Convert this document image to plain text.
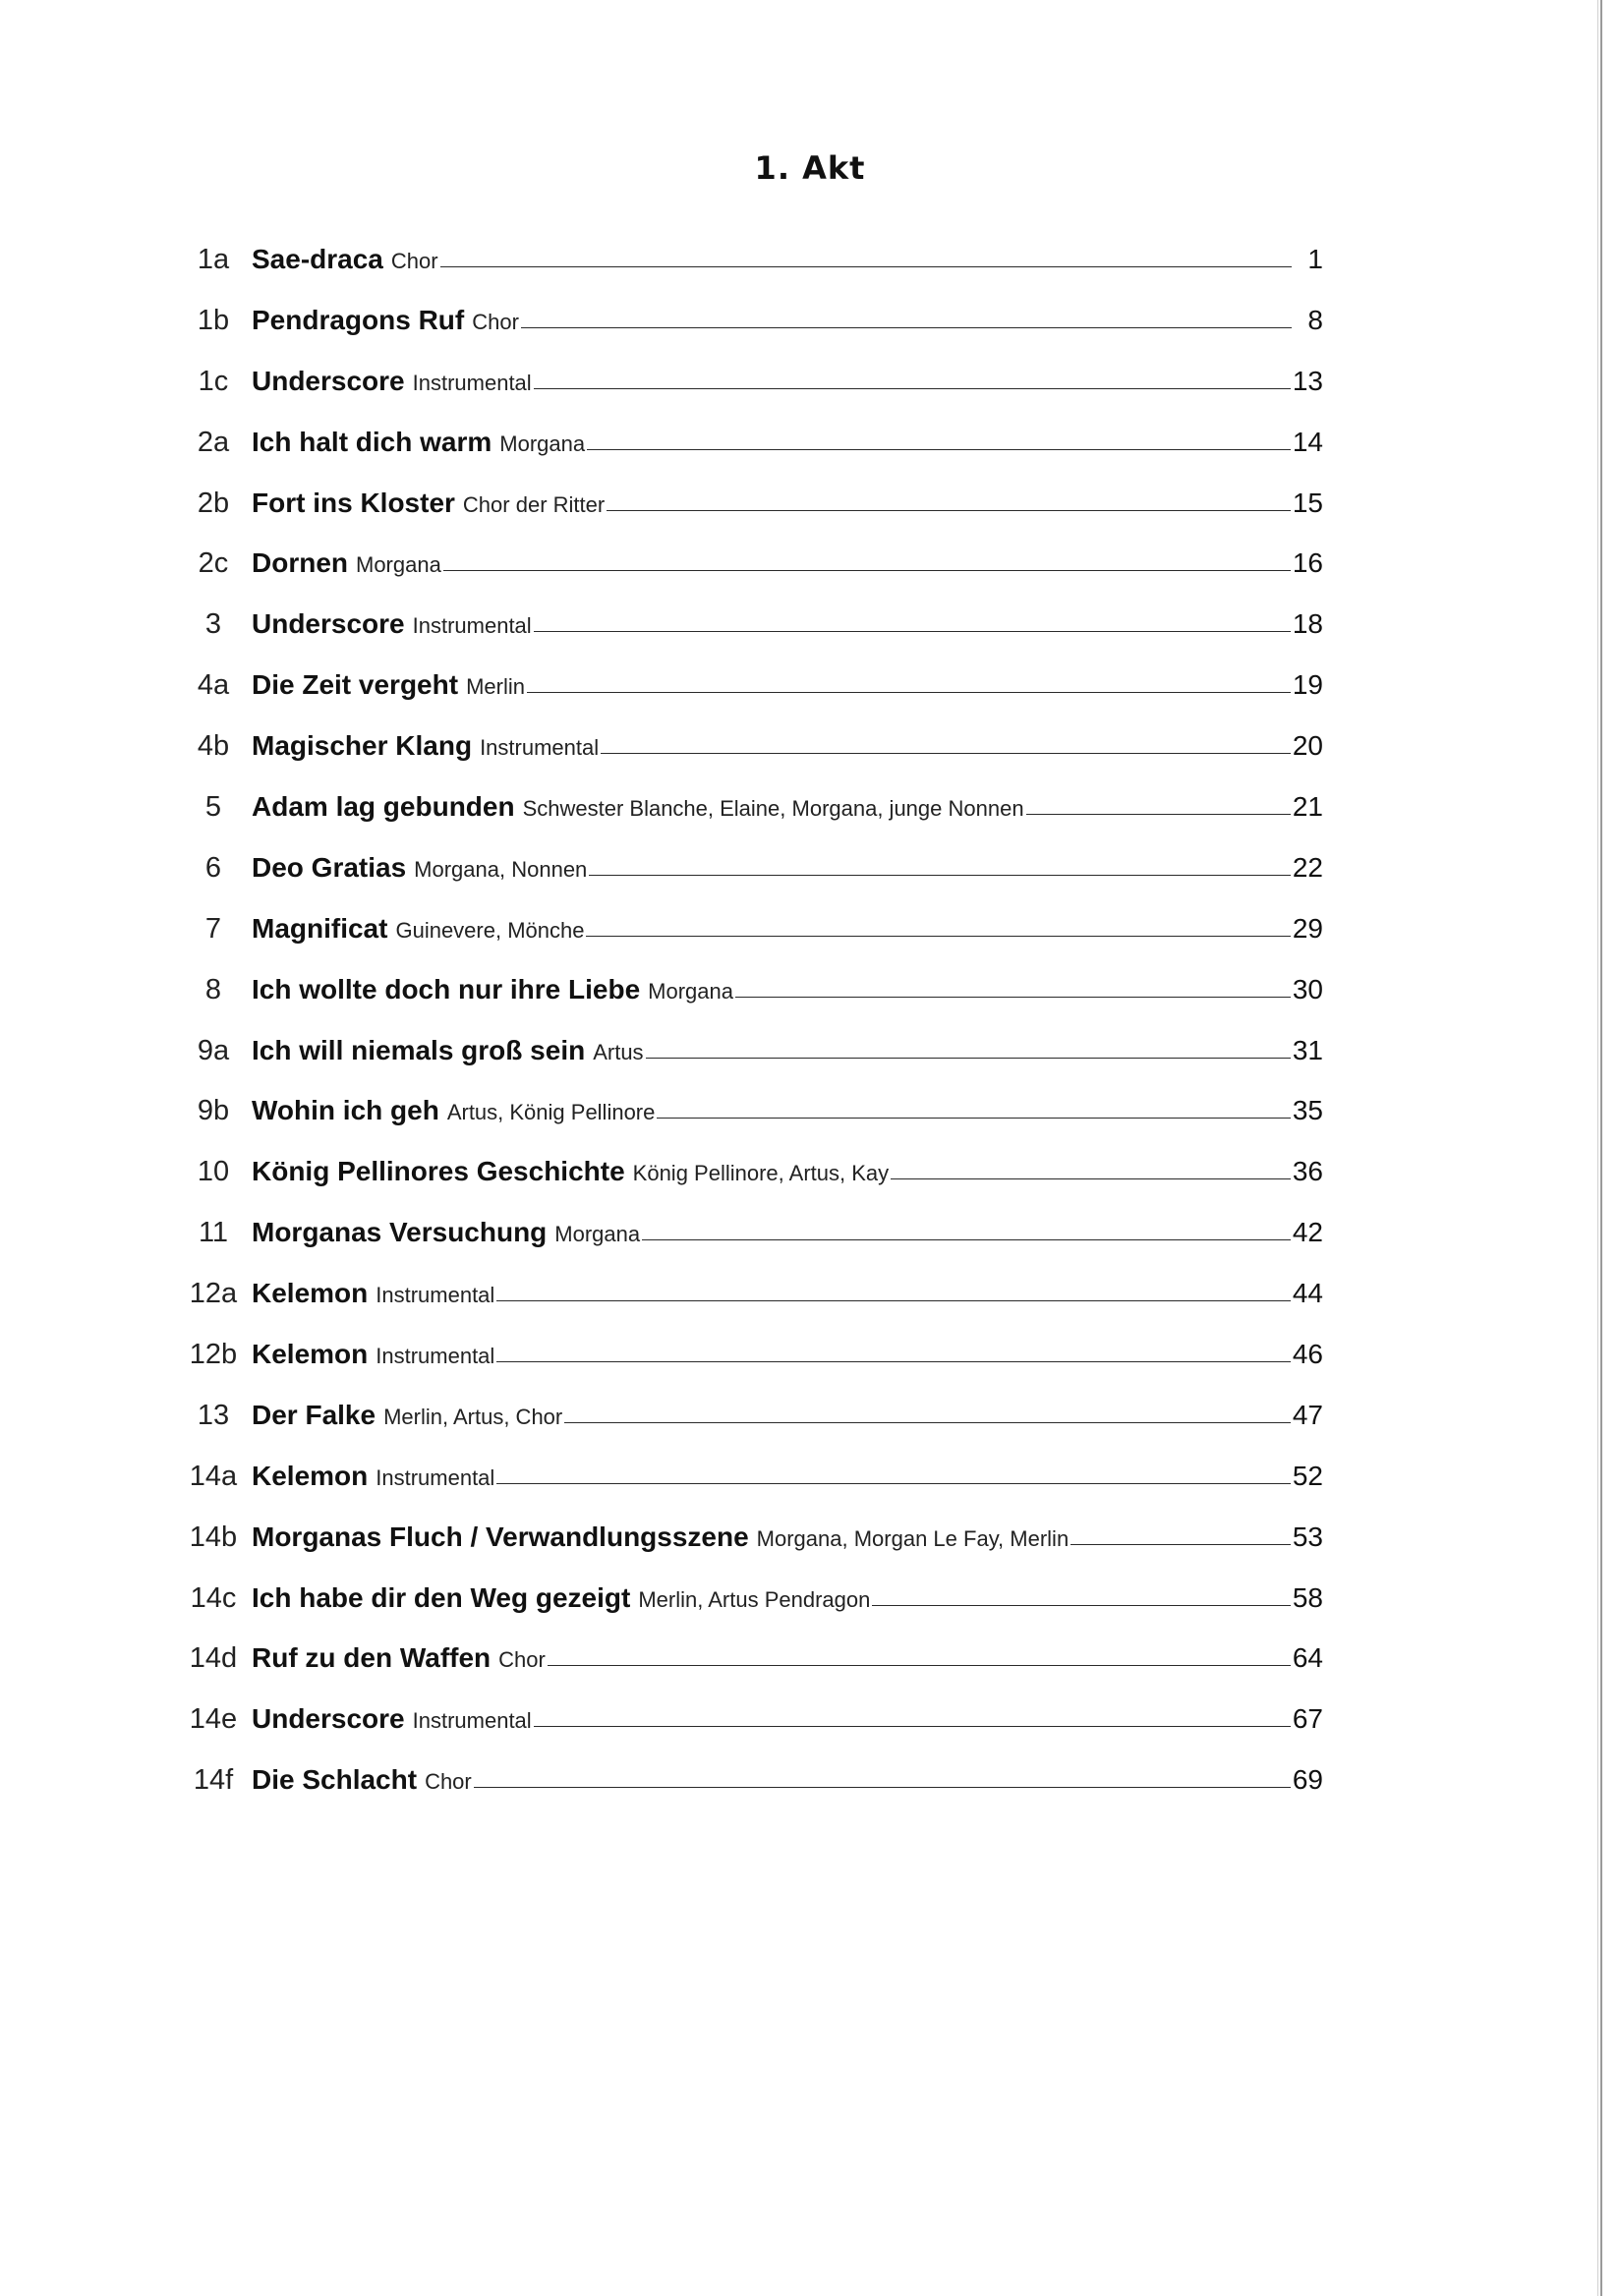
1. Akt
1a Sae-draca Chor	1
1b Pendragons Ruf Chor	8
1c Underscore Instrumental	13
2a Ich halt dich warm Morgana	14
2b Fort ins Kloster Chor der Ritter	15
2c Dornen Morgana	16
3	Underscore Instrumental	18
4a Die Zeit vergeht Merlin	19
4b Magischer Klang Instrumental	20
5	Adam lag gebunden Schwester Blanche, Elaine, Morgana, junge Nonnen	21
6	Deo Gratias Morgana, Nonnen	22
7	Magnificat Guinevere, Mönche	29
8	Ich wollte doch nur ihre Liebe Morgana	30
9a Ich will niemals groß sein Artus	31
9b Wohin ich geh Artus, König Pellinore	35
10 König Pellinores Geschichte König Pellinore, Artus, Kay	36
11 Morganas Versuchung Morgana	42
12a Kelemon Instrumental	44
12b Kelemon Instrumental	46
13 Der Falke Merlin, Artus, Chor	47
14a Kelemon Instrumental	52
14b Morganas Fluch / Verwandlungsszene Morgana, Morgan Le Fay, Merlin	53
14c Ich habe dir den Weg gezeigt Merlin, Artus Pendragon	58
14d Ruf zu den Waffen Chor	64
14e Underscore Instrumental	67
14f Die Schlacht Chor	69
